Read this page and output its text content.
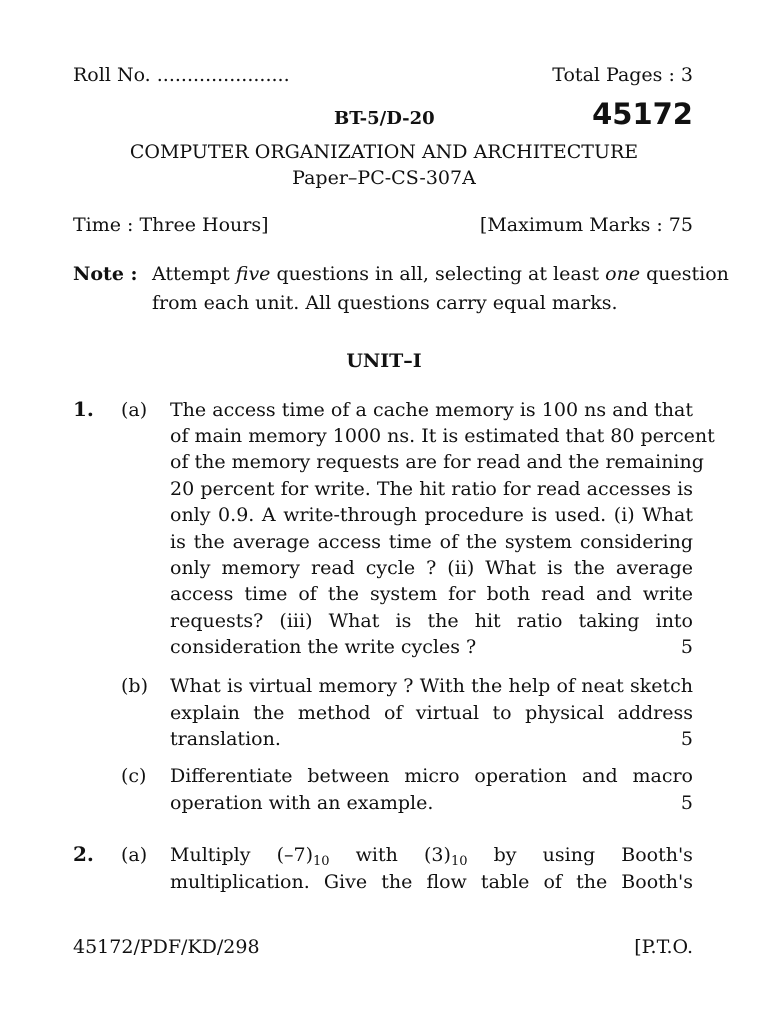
Roll No. ......................	Total Pages : 3
BT-5/D-20	45172
COMPUTER ORGANIZATION AND ARCHITECTURE
Paper–PC-CS-307A
Time : Three Hours]	[Maximum Marks : 75
Note : Attempt five questions in all, selecting at least one question
from each unit. All questions carry equal marks.
UNIT–I
1. (a) The access time of a cache memory is 100 ns and that
of main memory 1000 ns. It is estimated that 80 percent
of the memory requests are for read and the remaining
20 percent for write. The hit ratio for read accesses is
only 0.9. A write-through procedure is used. (i) What
is the average access time of the system considering
only memory read cycle ? (ii) What is the average
access time of the system for both read and write
requests? (iii) What is the hit ratio taking into
consideration the write cycles ?	5
(b) What is virtual memory ? With the help of neat sketch
explain the method of virtual to physical address
translation.	5
(c) Differentiate between micro operation and macro
operation with an example.	5
2. (a) Multiply $(-7)_{10}$ with $(3)_{10}$ by using Booth's
multiplication. Give the flow table of the Booth's
45172/PDF/KD/298	[P.T.O.
